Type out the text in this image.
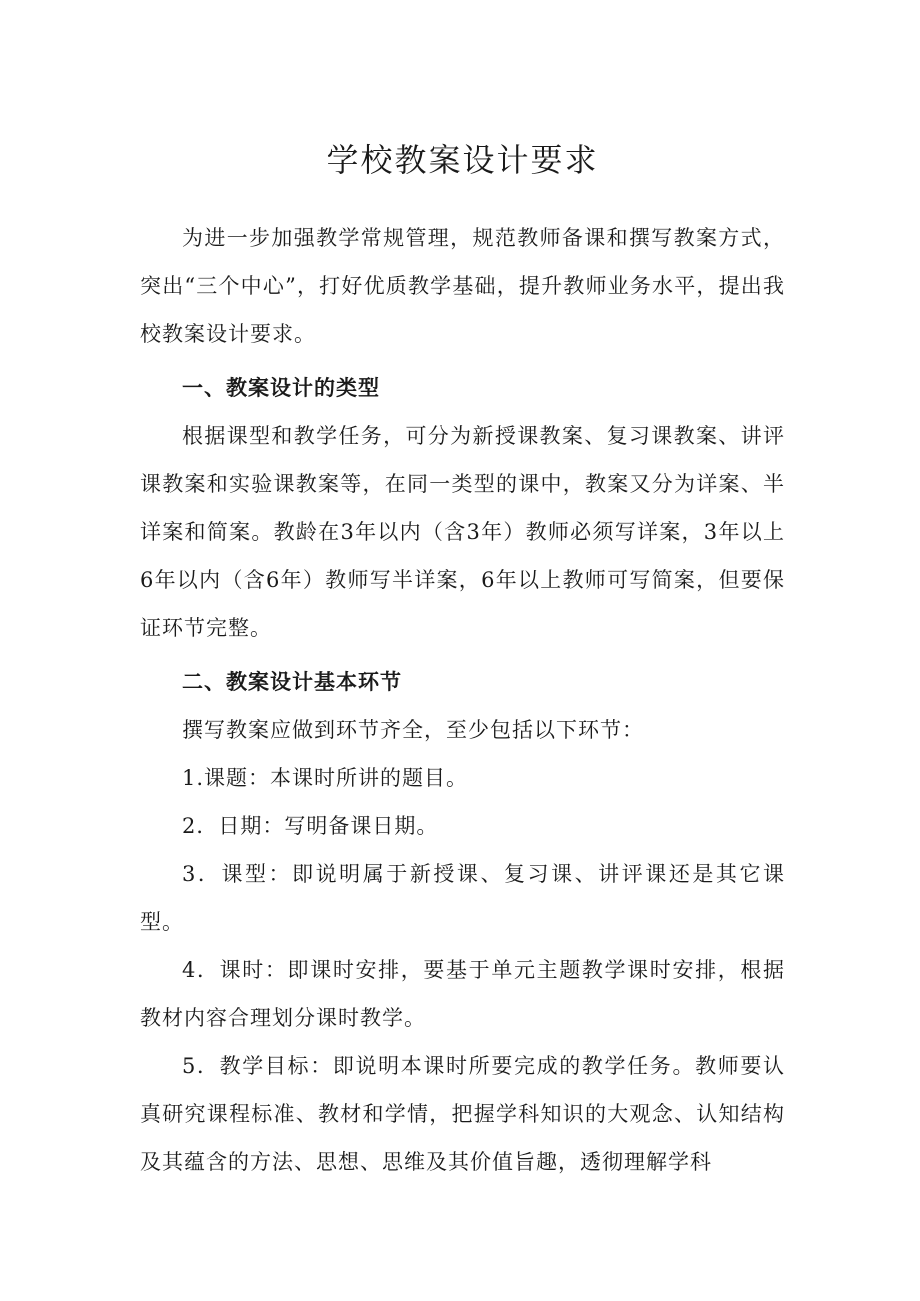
学校教案设计要求

为进一步加强教学常规管理，规范教师备课和撰写教案方式，突出“三个中心”，打好优质教学基础，提升教师业务水平，提出我校教案设计要求。

一、教案设计的类型

根据课型和教学任务，可分为新授课教案、复习课教案、讲评课教案和实验课教案等，在同一类型的课中，教案又分为详案、半详案和简案。教龄在3年以内（含3年）教师必须写详案，3年以上6年以内（含6年）教师写半详案，6年以上教师可写简案，但要保证环节完整。

二、教案设计基本环节

撰写教案应做到环节齐全，至少包括以下环节：

1.课题：本课时所讲的题目。

2．日期：写明备课日期。

3．课型：即说明属于新授课、复习课、讲评课还是其它课型。

4．课时：即课时安排，要基于单元主题教学课时安排，根据教材内容合理划分课时教学。

5．教学目标：即说明本课时所要完成的教学任务。教师要认真研究课程标准、教材和学情，把握学科知识的大观念、认知结构及其蕴含的方法、思想、思维及其价值旨趣，透彻理解学科
